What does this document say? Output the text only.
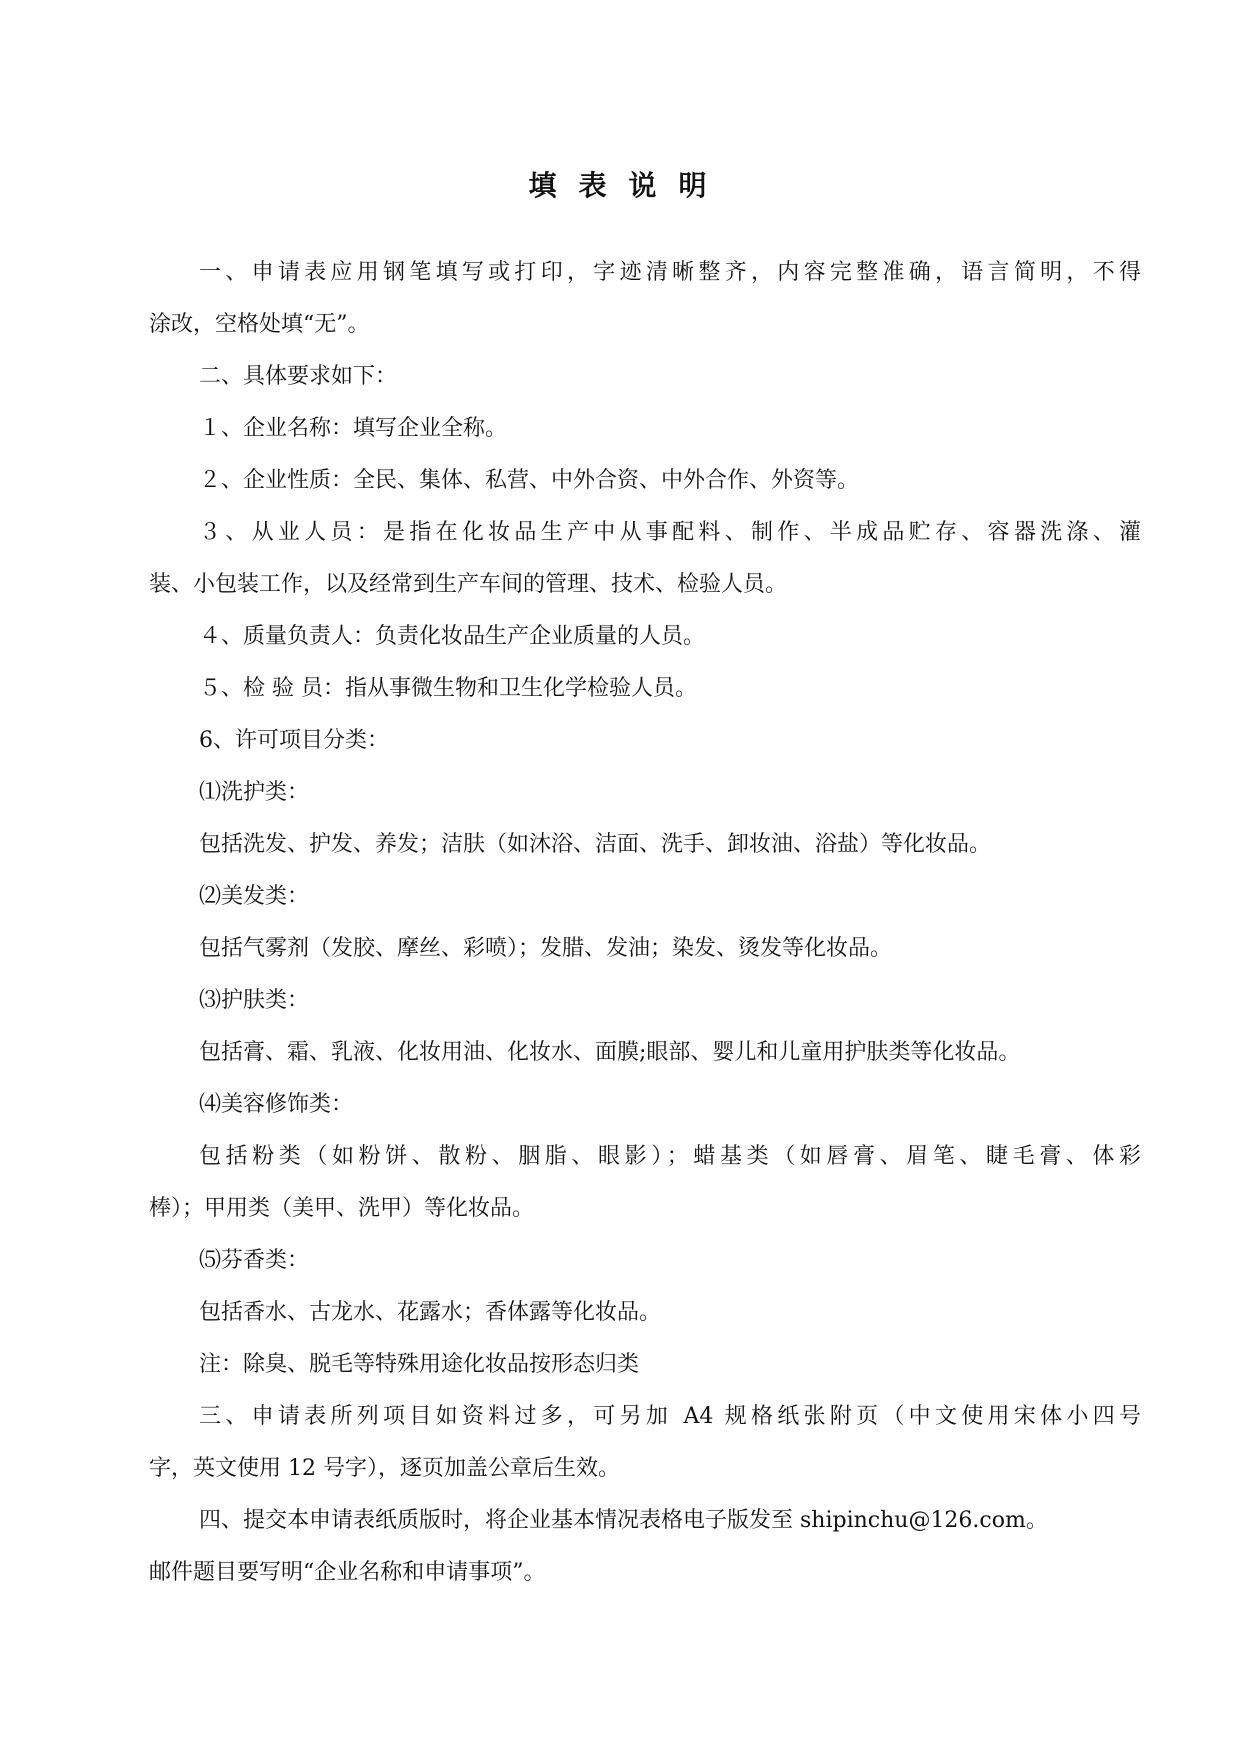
填表说明
一、申请表应用钢笔填写或打印，字迹清晰整齐，内容完整准确，语言简明，不得
涂改，空格处填“无”。
二、具体要求如下：
１、企业名称：填写企业全称。
２、企业性质：全民、集体、私营、中外合资、中外合作、外资等。
３、从业人员：是指在化妆品生产中从事配料、制作、半成品贮存、容器洗涤、灌
装、小包装工作，以及经常到生产车间的管理、技术、检验人员。
４、质量负责人：负责化妆品生产企业质量的人员。
５、检 验 员：指从事微生物和卫生化学检验人员。
6、许可项目分类：
⑴洗护类：
包括洗发、护发、养发；洁肤（如沐浴、洁面、洗手、卸妆油、浴盐）等化妆品。
⑵美发类：
包括气雾剂（发胶、摩丝、彩喷）；发腊、发油；染发、烫发等化妆品。
⑶护肤类：
包括膏、霜、乳液、化妆用油、化妆水、面膜;眼部、婴儿和儿童用护肤类等化妆品。
⑷美容修饰类：
包括粉类（如粉饼、散粉、胭脂、眼影）；蜡基类（如唇膏、眉笔、睫毛膏、体彩
棒）；甲用类（美甲、洗甲）等化妆品。
⑸芬香类：
包括香水、古龙水、花露水；香体露等化妆品。
注：除臭、脱毛等特殊用途化妆品按形态归类
三、申请表所列项目如资料过多，可另加 A4 规格纸张附页（中文使用宋体小四号
字，英文使用 12 号字），逐页加盖公章后生效。
四、提交本申请表纸质版时，将企业基本情况表格电子版发至 shipinchu@126.com。
邮件题目要写明“企业名称和申请事项”。
